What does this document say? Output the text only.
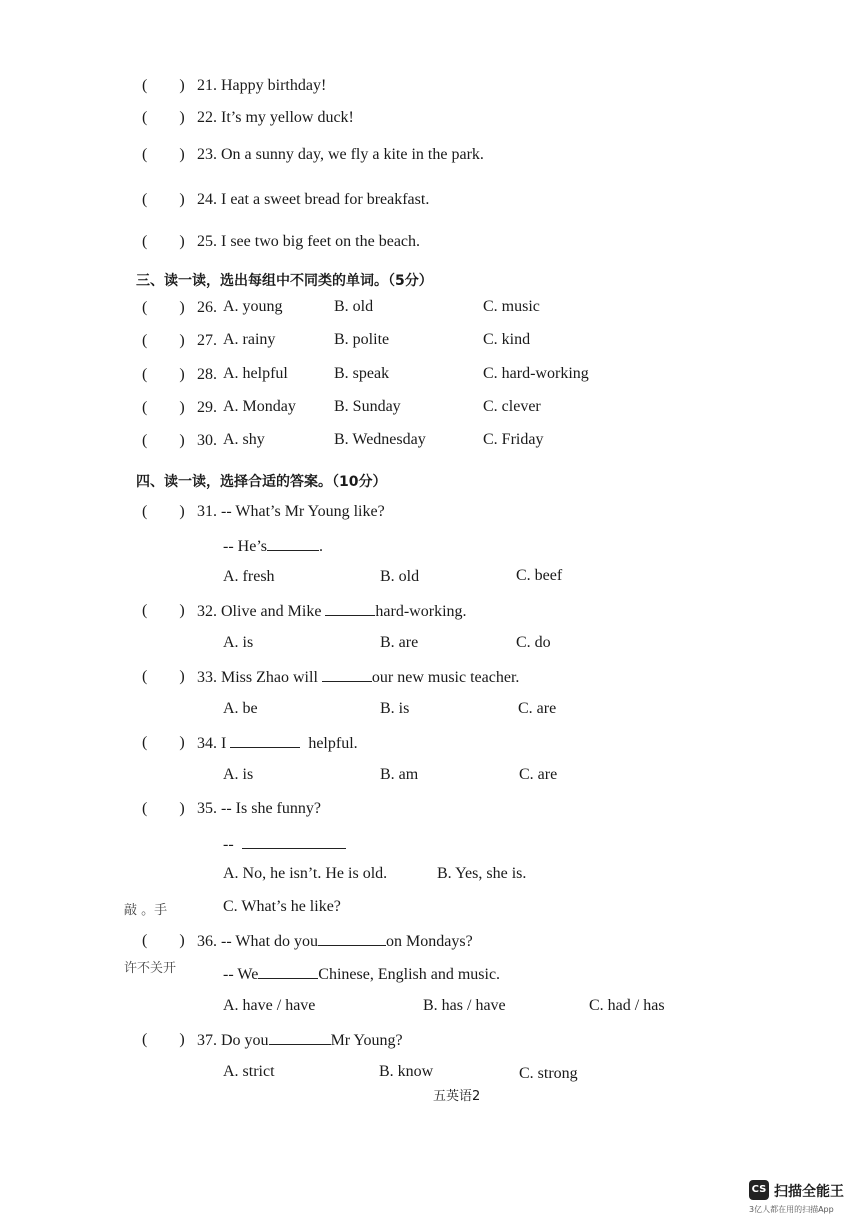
(　　) 21. Happy birthday!
(　　) 22. It’s my yellow duck!
(　　) 23. On a sunny day, we fly a kite in the park.
(　　) 24. I eat a sweet bread for breakfast.
(　　) 25. I see two big feet on the beach.
三、读一读，选出每组中不同类的单词。（5分）
(　　) 26. A. young	B. old	C. music
(　　) 27. A. rainy	B. polite	C. kind
(　　) 28. A. helpful	B. speak	C. hard-working
(　　) 29. A. Monday B. Sunday	C. clever
(　　) 30. A. shy	B. Wednesday	C. Friday
四、读一读，选择合适的答案。（10分）
(　　) 31. -- What’s Mr Young like?
-- He’s	.
A. fresh	B. old	C. beef
(　　) 32. Olive and Mike	hard-working.
A. is	B. are	C. do
(　　) 33. Miss Zhao will	our new music teacher.
A. be	B. is	C. are
(　　) 34. I	helpful.
A. is	B. am	C. are
(　　) 35. -- Is she funny?
--
A. No, he isn’t. He is old.	B. Yes, she is.
C. What’s he like?
(　　) 36. -- What do you	on Mondays?
-- We	Chinese, English and music.
A. have / have	B. has / have	C. had / has
(　　) 37. Do you	Mr Young?
A. strict	B. know	C. strong
敲 。手
许不关开
五英语2
CS 扫描全能王
3亿人都在用的扫描App
